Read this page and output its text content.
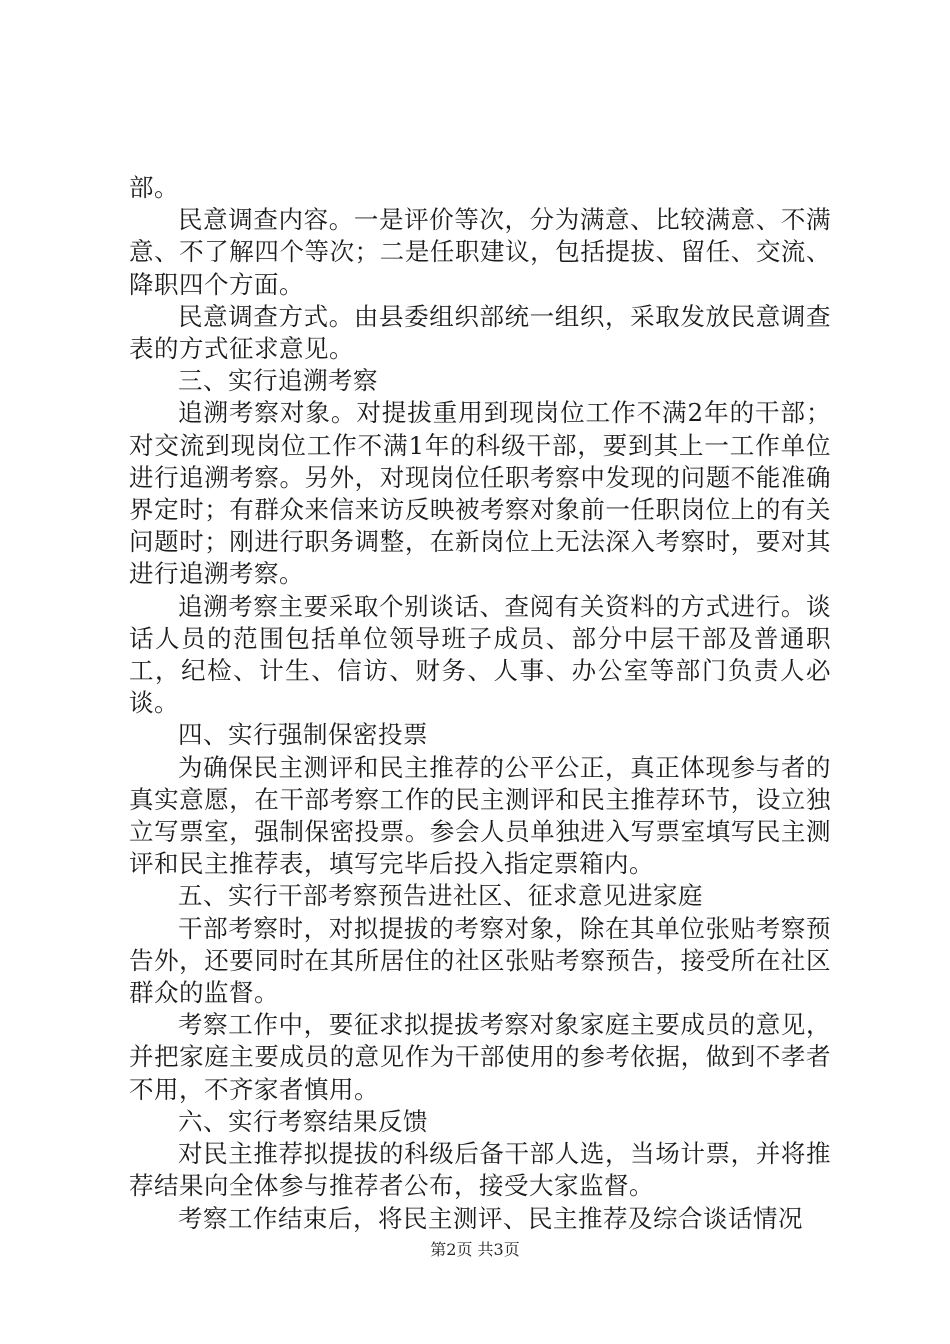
部。

民意调查内容。一是评价等次，分为满意、比较满意、不满意、不了解四个等次；二是任职建议，包括提拔、留任、交流、降职四个方面。

民意调查方式。由县委组织部统一组织，采取发放民意调查表的方式征求意见。

三、实行追溯考察

追溯考察对象。对提拔重用到现岗位工作不满2年的干部；对交流到现岗位工作不满1年的科级干部，要到其上一工作单位进行追溯考察。另外，对现岗位任职考察中发现的问题不能准确界定时；有群众来信来访反映被考察对象前一任职岗位上的有关问题时；刚进行职务调整，在新岗位上无法深入考察时，要对其进行追溯考察。

追溯考察主要采取个别谈话、查阅有关资料的方式进行。谈话人员的范围包括单位领导班子成员、部分中层干部及普通职工，纪检、计生、信访、财务、人事、办公室等部门负责人必谈。

四、实行强制保密投票

为确保民主测评和民主推荐的公平公正，真正体现参与者的真实意愿，在干部考察工作的民主测评和民主推荐环节，设立独立写票室，强制保密投票。参会人员单独进入写票室填写民主测评和民主推荐表，填写完毕后投入指定票箱内。

五、实行干部考察预告进社区、征求意见进家庭

干部考察时，对拟提拔的考察对象，除在其单位张贴考察预告外，还要同时在其所居住的社区张贴考察预告，接受所在社区群众的监督。

考察工作中，要征求拟提拔考察对象家庭主要成员的意见，并把家庭主要成员的意见作为干部使用的参考依据，做到不孝者不用，不齐家者慎用。

六、实行考察结果反馈

对民主推荐拟提拔的科级后备干部人选，当场计票，并将推荐结果向全体参与推荐者公布，接受大家监督。

考察工作结束后，将民主测评、民主推荐及综合谈话情况

第2页 共3页
